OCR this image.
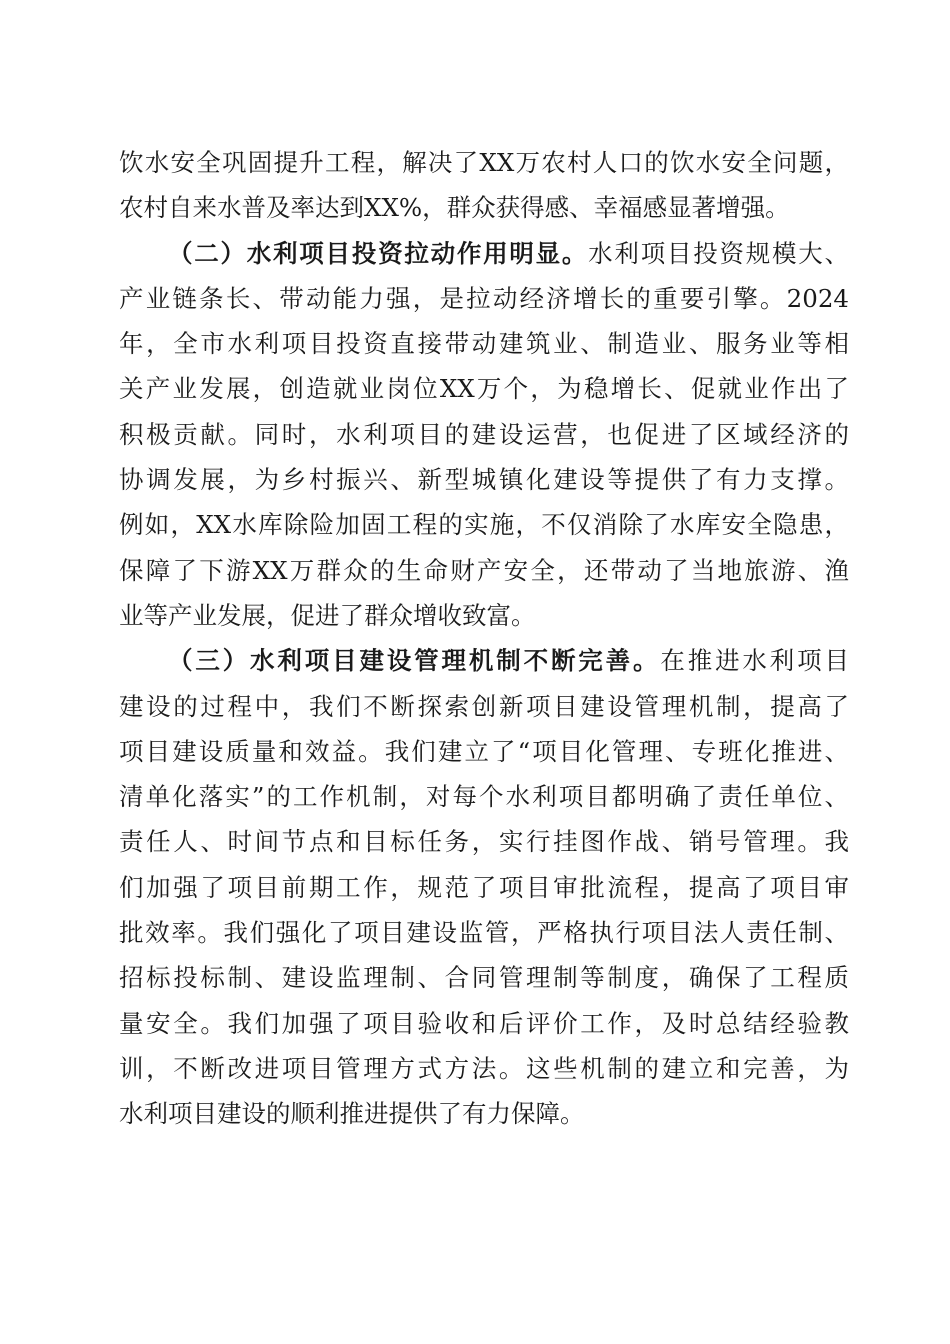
饮水安全巩固提升工程，解决了XX万农村人口的饮水安全问题，
农村自来水普及率达到XX%，群众获得感、幸福感显著增强。
（二）水利项目投资拉动作用明显。水利项目投资规模大、
产业链条长、带动能力强，是拉动经济增长的重要引擎。2024
年，全市水利项目投资直接带动建筑业、制造业、服务业等相
关产业发展，创造就业岗位XX万个，为稳增长、促就业作出了
积极贡献。同时，水利项目的建设运营，也促进了区域经济的
协调发展，为乡村振兴、新型城镇化建设等提供了有力支撑。
例如，XX水库除险加固工程的实施，不仅消除了水库安全隐患，
保障了下游XX万群众的生命财产安全，还带动了当地旅游、渔
业等产业发展，促进了群众增收致富。
（三）水利项目建设管理机制不断完善。在推进水利项目
建设的过程中，我们不断探索创新项目建设管理机制，提高了
项目建设质量和效益。我们建立了“项目化管理、专班化推进、
清单化落实”的工作机制，对每个水利项目都明确了责任单位、
责任人、时间节点和目标任务，实行挂图作战、销号管理。我
们加强了项目前期工作，规范了项目审批流程，提高了项目审
批效率。我们强化了项目建设监管，严格执行项目法人责任制、
招标投标制、建设监理制、合同管理制等制度，确保了工程质
量安全。我们加强了项目验收和后评价工作，及时总结经验教
训，不断改进项目管理方式方法。这些机制的建立和完善，为
水利项目建设的顺利推进提供了有力保障。
